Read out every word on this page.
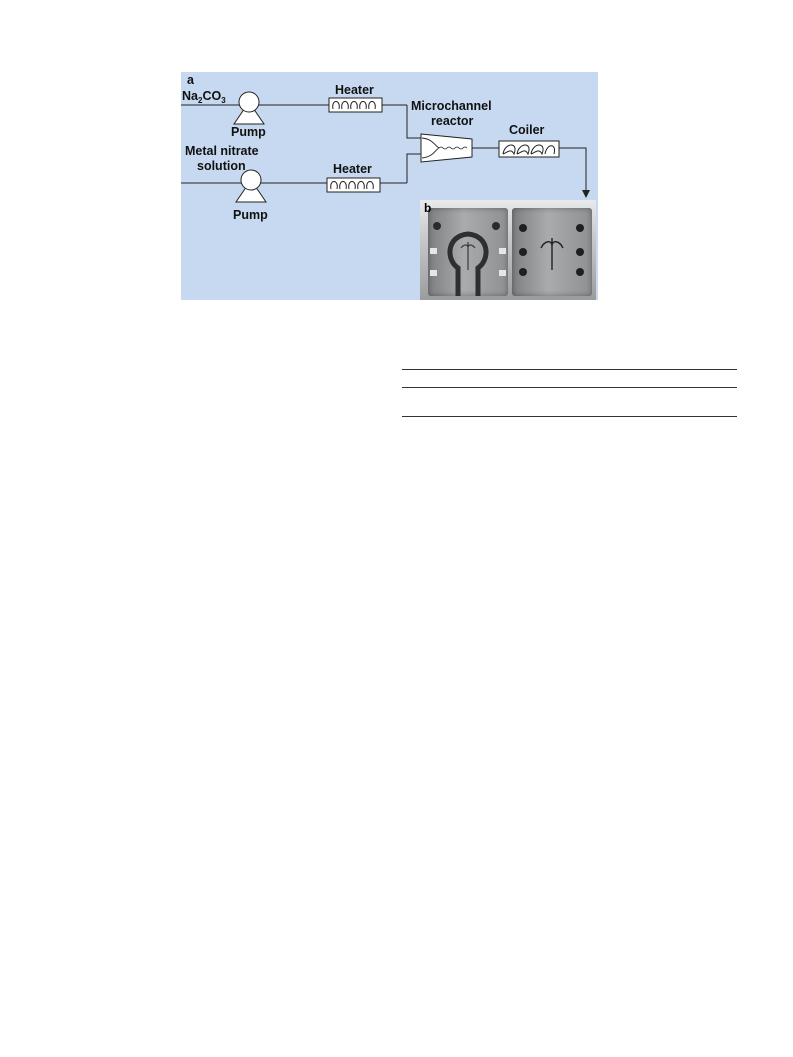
a
$Na_2CO_3$
Pump
Heater
Metal nitrate
solution
Pump
Heater
Microchannel
reactor
Coiler
b
